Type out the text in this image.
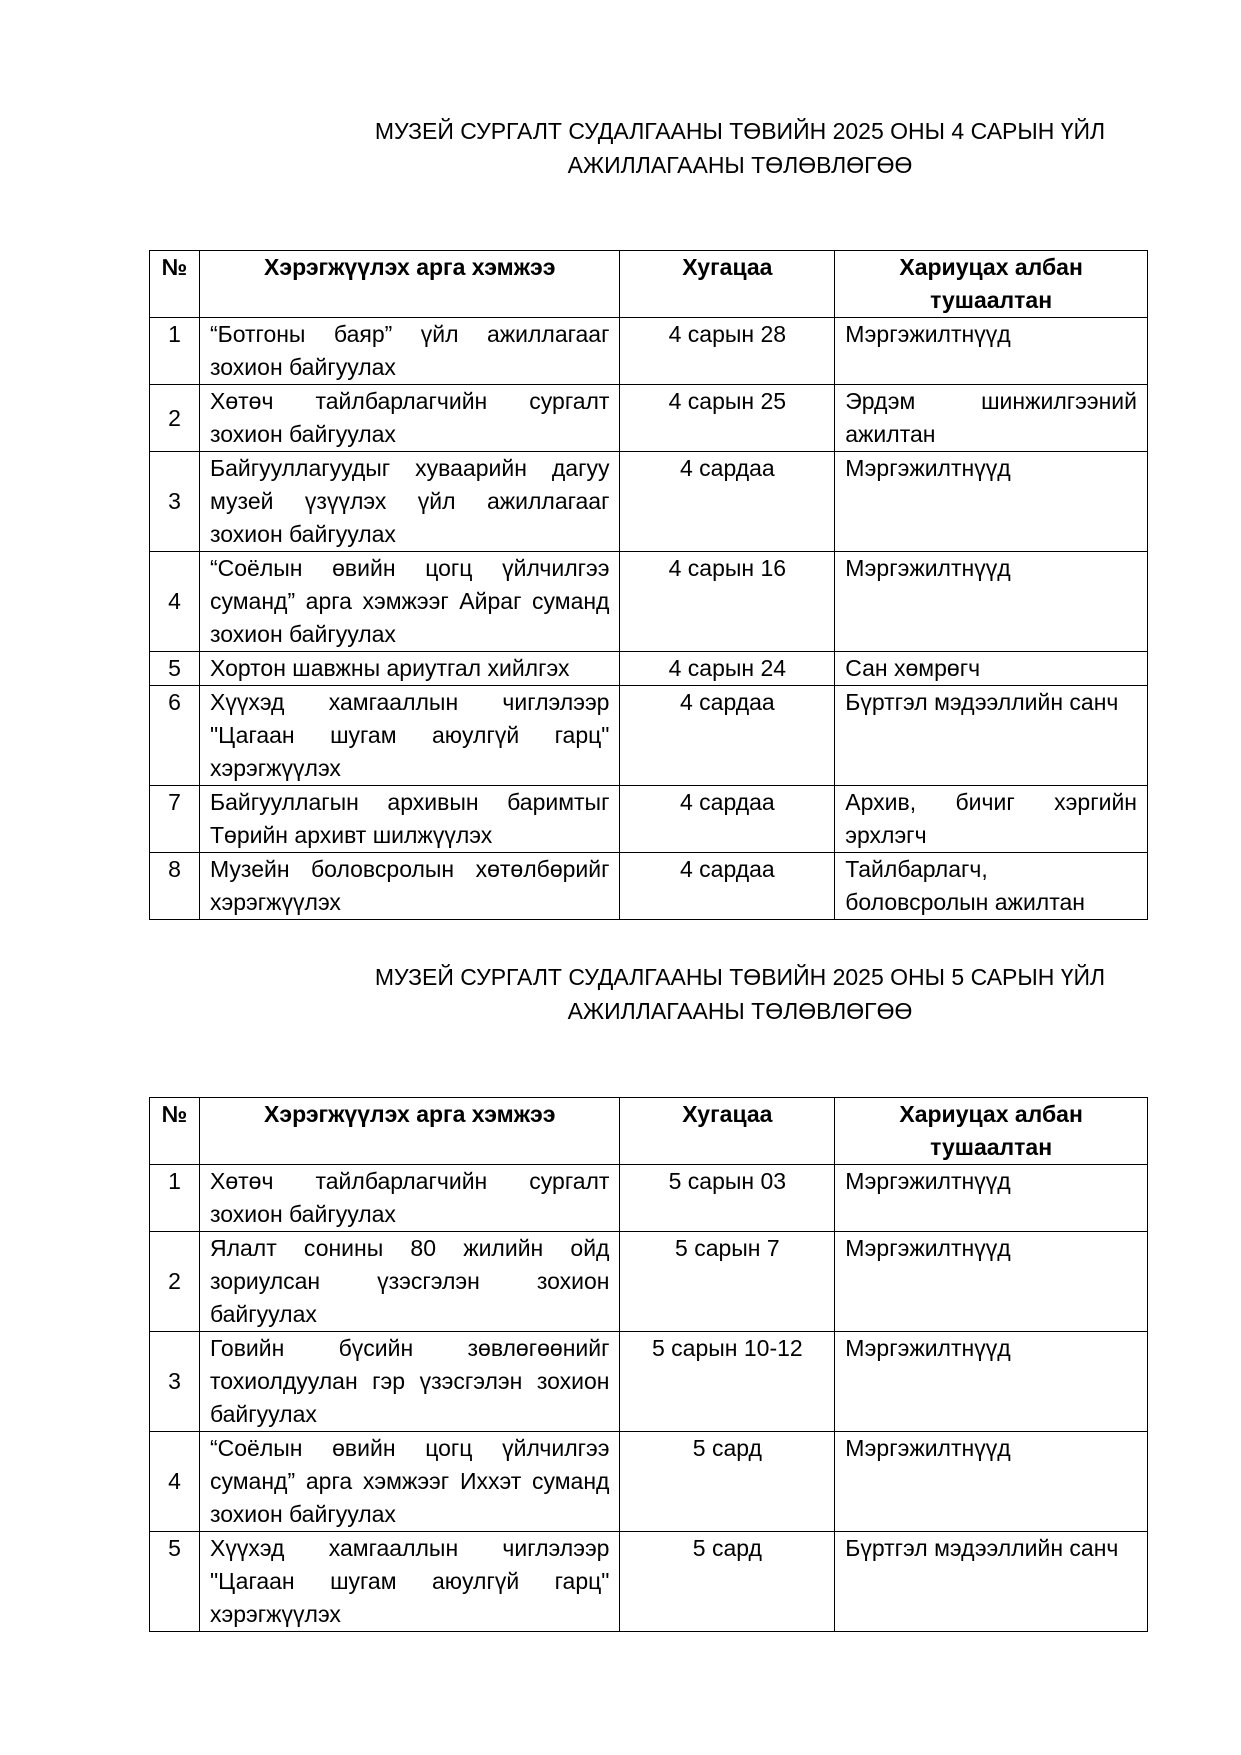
МУЗЕЙ СУРГАЛТ СУДАЛГААНЫ ТӨВИЙН 2025 ОНЫ 4 САРЫН ҮЙЛ
АЖИЛЛАГААНЫ ТӨЛӨВЛӨГӨӨ
№	Хэрэгжүүлэх арга хэмжээ	Хугацаа	Хариуцах албан тушаалтан
1	“Ботгоны баяр” үйл ажиллагааг зохион байгуулах	4 сарын 28	Мэргэжилтнүүд
2	Хөтөч тайлбарлагчийн сургалт зохион байгуулах	4 сарын 25	Эрдэм шинжилгээний ажилтан
3	Байгууллагуудыг хуваарийн дагуу музей үзүүлэх үйл ажиллагааг зохион байгуулах	4 сардаа	Мэргэжилтнүүд
4	“Соёлын өвийн цогц үйлчилгээ суманд” арга хэмжээг Айраг суманд зохион байгуулах	4 сарын 16	Мэргэжилтнүүд
5	Хортон шавжны ариутгал хийлгэх	4 сарын 24	Сан хөмрөгч
6	Хүүхэд хамгааллын чиглэлээр "Цагаан шугам аюулгүй гарц" хэрэгжүүлэх	4 сардаа	Бүртгэл мэдээллийн санч
7	Байгууллагын архивын баримтыг Төрийн архивт шилжүүлэх	4 сардаа	Архив, бичиг хэргийн эрхлэгч
8	Музейн боловсролын хөтөлбөрийг хэрэгжүүлэх	4 сардаа	Тайлбарлагч, боловсролын ажилтан
МУЗЕЙ СУРГАЛТ СУДАЛГААНЫ ТӨВИЙН 2025 ОНЫ 5 САРЫН ҮЙЛ
АЖИЛЛАГААНЫ ТӨЛӨВЛӨГӨӨ
№	Хэрэгжүүлэх арга хэмжээ	Хугацаа	Хариуцах албан тушаалтан
1	Хөтөч тайлбарлагчийн сургалт зохион байгуулах	5 сарын 03	Мэргэжилтнүүд
2	Ялалт сонины 80 жилийн ойд зориулсан үзэсгэлэн зохион байгуулах	5 сарын 7	Мэргэжилтнүүд
3	Говийн бүсийн зөвлөгөөнийг тохиолдуулан гэр үзэсгэлэн зохион байгуулах	5 сарын 10-12	Мэргэжилтнүүд
4	“Соёлын өвийн цогц үйлчилгээ суманд” арга хэмжээг Иххэт суманд зохион байгуулах	5 сард	Мэргэжилтнүүд
5	Хүүхэд хамгааллын чиглэлээр "Цагаан шугам аюулгүй гарц" хэрэгжүүлэх	5 сард	Бүртгэл мэдээллийн санч
